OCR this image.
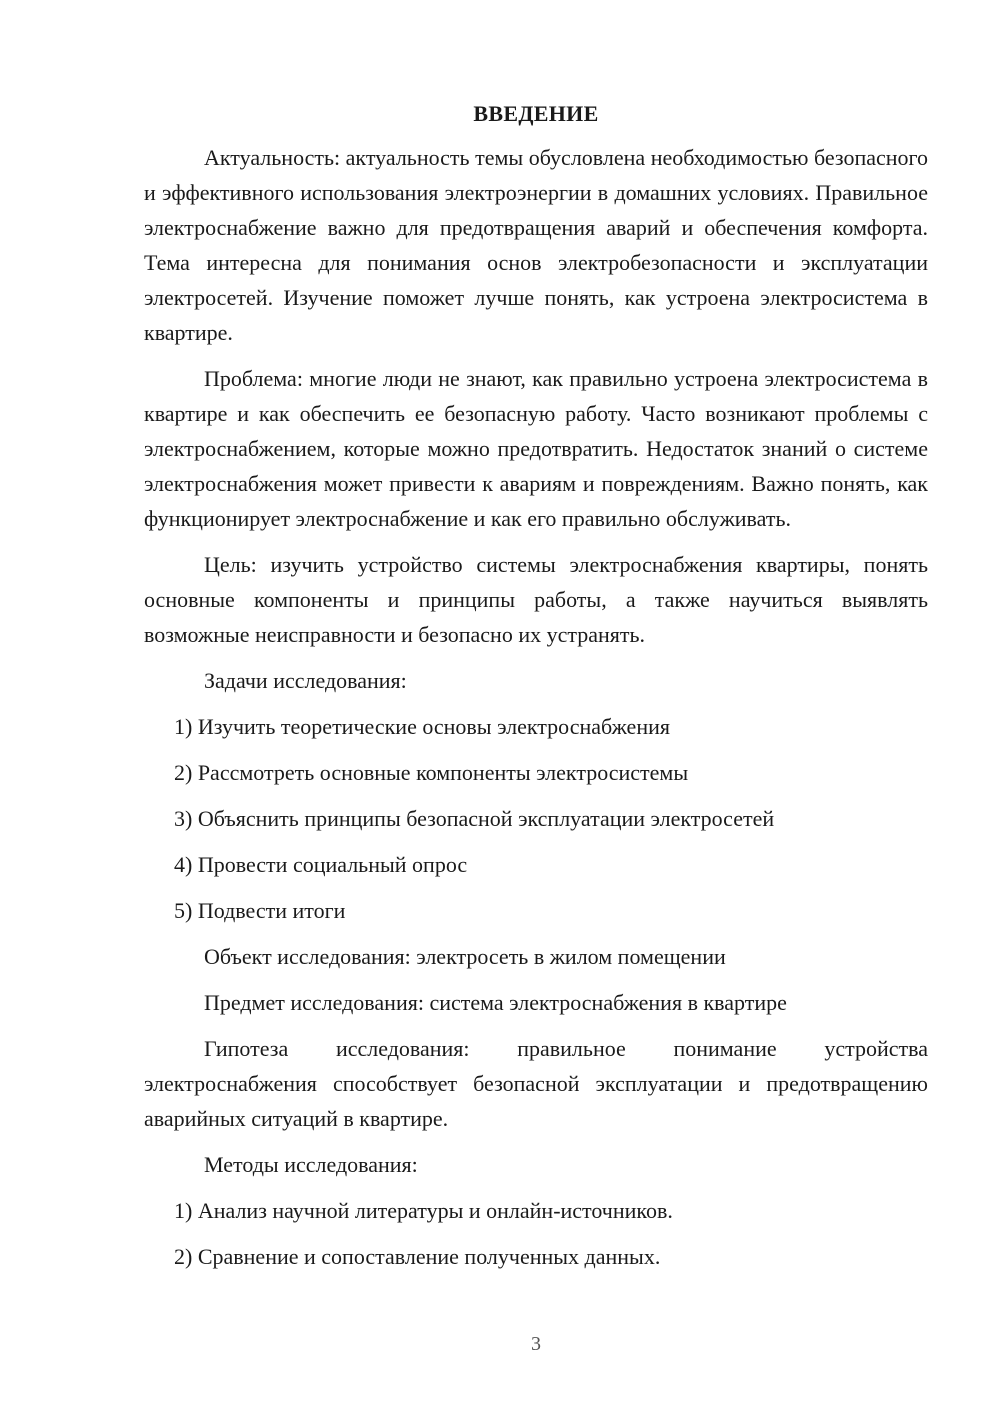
ВВЕДЕНИЕ
Актуальность: актуальность темы обусловлена необходимостью безопасного и эффективного использования электроэнергии в домашних условиях. Правильное электроснабжение важно для предотвращения аварий и обеспечения комфорта. Тема интересна для понимания основ электробезопасности и эксплуатации электросетей. Изучение поможет лучше понять, как устроена электросистема в квартире.
Проблема: многие люди не знают, как правильно устроена электросистема в квартире и как обеспечить ее безопасную работу. Часто возникают проблемы с электроснабжением, которые можно предотвратить. Недостаток знаний о системе электроснабжения может привести к авариям и повреждениям. Важно понять, как функционирует электроснабжение и как его правильно обслуживать.
Цель: изучить устройство системы электроснабжения квартиры, понять основные компоненты и принципы работы, а также научиться выявлять возможные неисправности и безопасно их устранять.
Задачи исследования:
1) Изучить теоретические основы электроснабжения
2) Рассмотреть основные компоненты электросистемы
3) Объяснить принципы безопасной эксплуатации электросетей
4) Провести социальный опрос
5) Подвести итоги
Объект исследования: электросеть в жилом помещении
Предмет исследования: система электроснабжения в квартире
Гипотеза исследования: правильное понимание устройства электроснабжения способствует безопасной эксплуатации и предотвращению аварийных ситуаций в квартире.
Методы исследования:
1) Анализ научной литературы и онлайн-источников.
2) Сравнение и сопоставление полученных данных.
3
